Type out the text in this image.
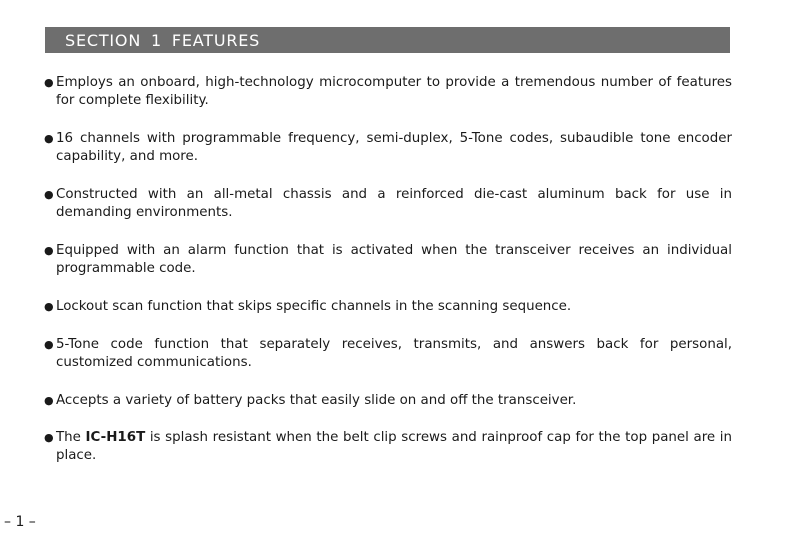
SECTION 1 FEATURES
● Employs an onboard, high-technology microcomputer to provide a tremendous number of features for complete flexibility.
● 16 channels with programmable frequency, semi-duplex, 5-Tone codes, subaudible tone encoder capability, and more.
● Constructed with an all-metal chassis and a reinforced die-cast aluminum back for use in demanding environments.
● Equipped with an alarm function that is activated when the transceiver receives an individual programmable code.
● Lockout scan function that skips specific channels in the scanning sequence.
● 5-Tone code function that separately receives, transmits, and answers back for personal, customized communications.
● Accepts a variety of battery packs that easily slide on and off the transceiver.
● The IC-H16T is splash resistant when the belt clip screws and rainproof cap for the top panel are in place.
– 1 –
